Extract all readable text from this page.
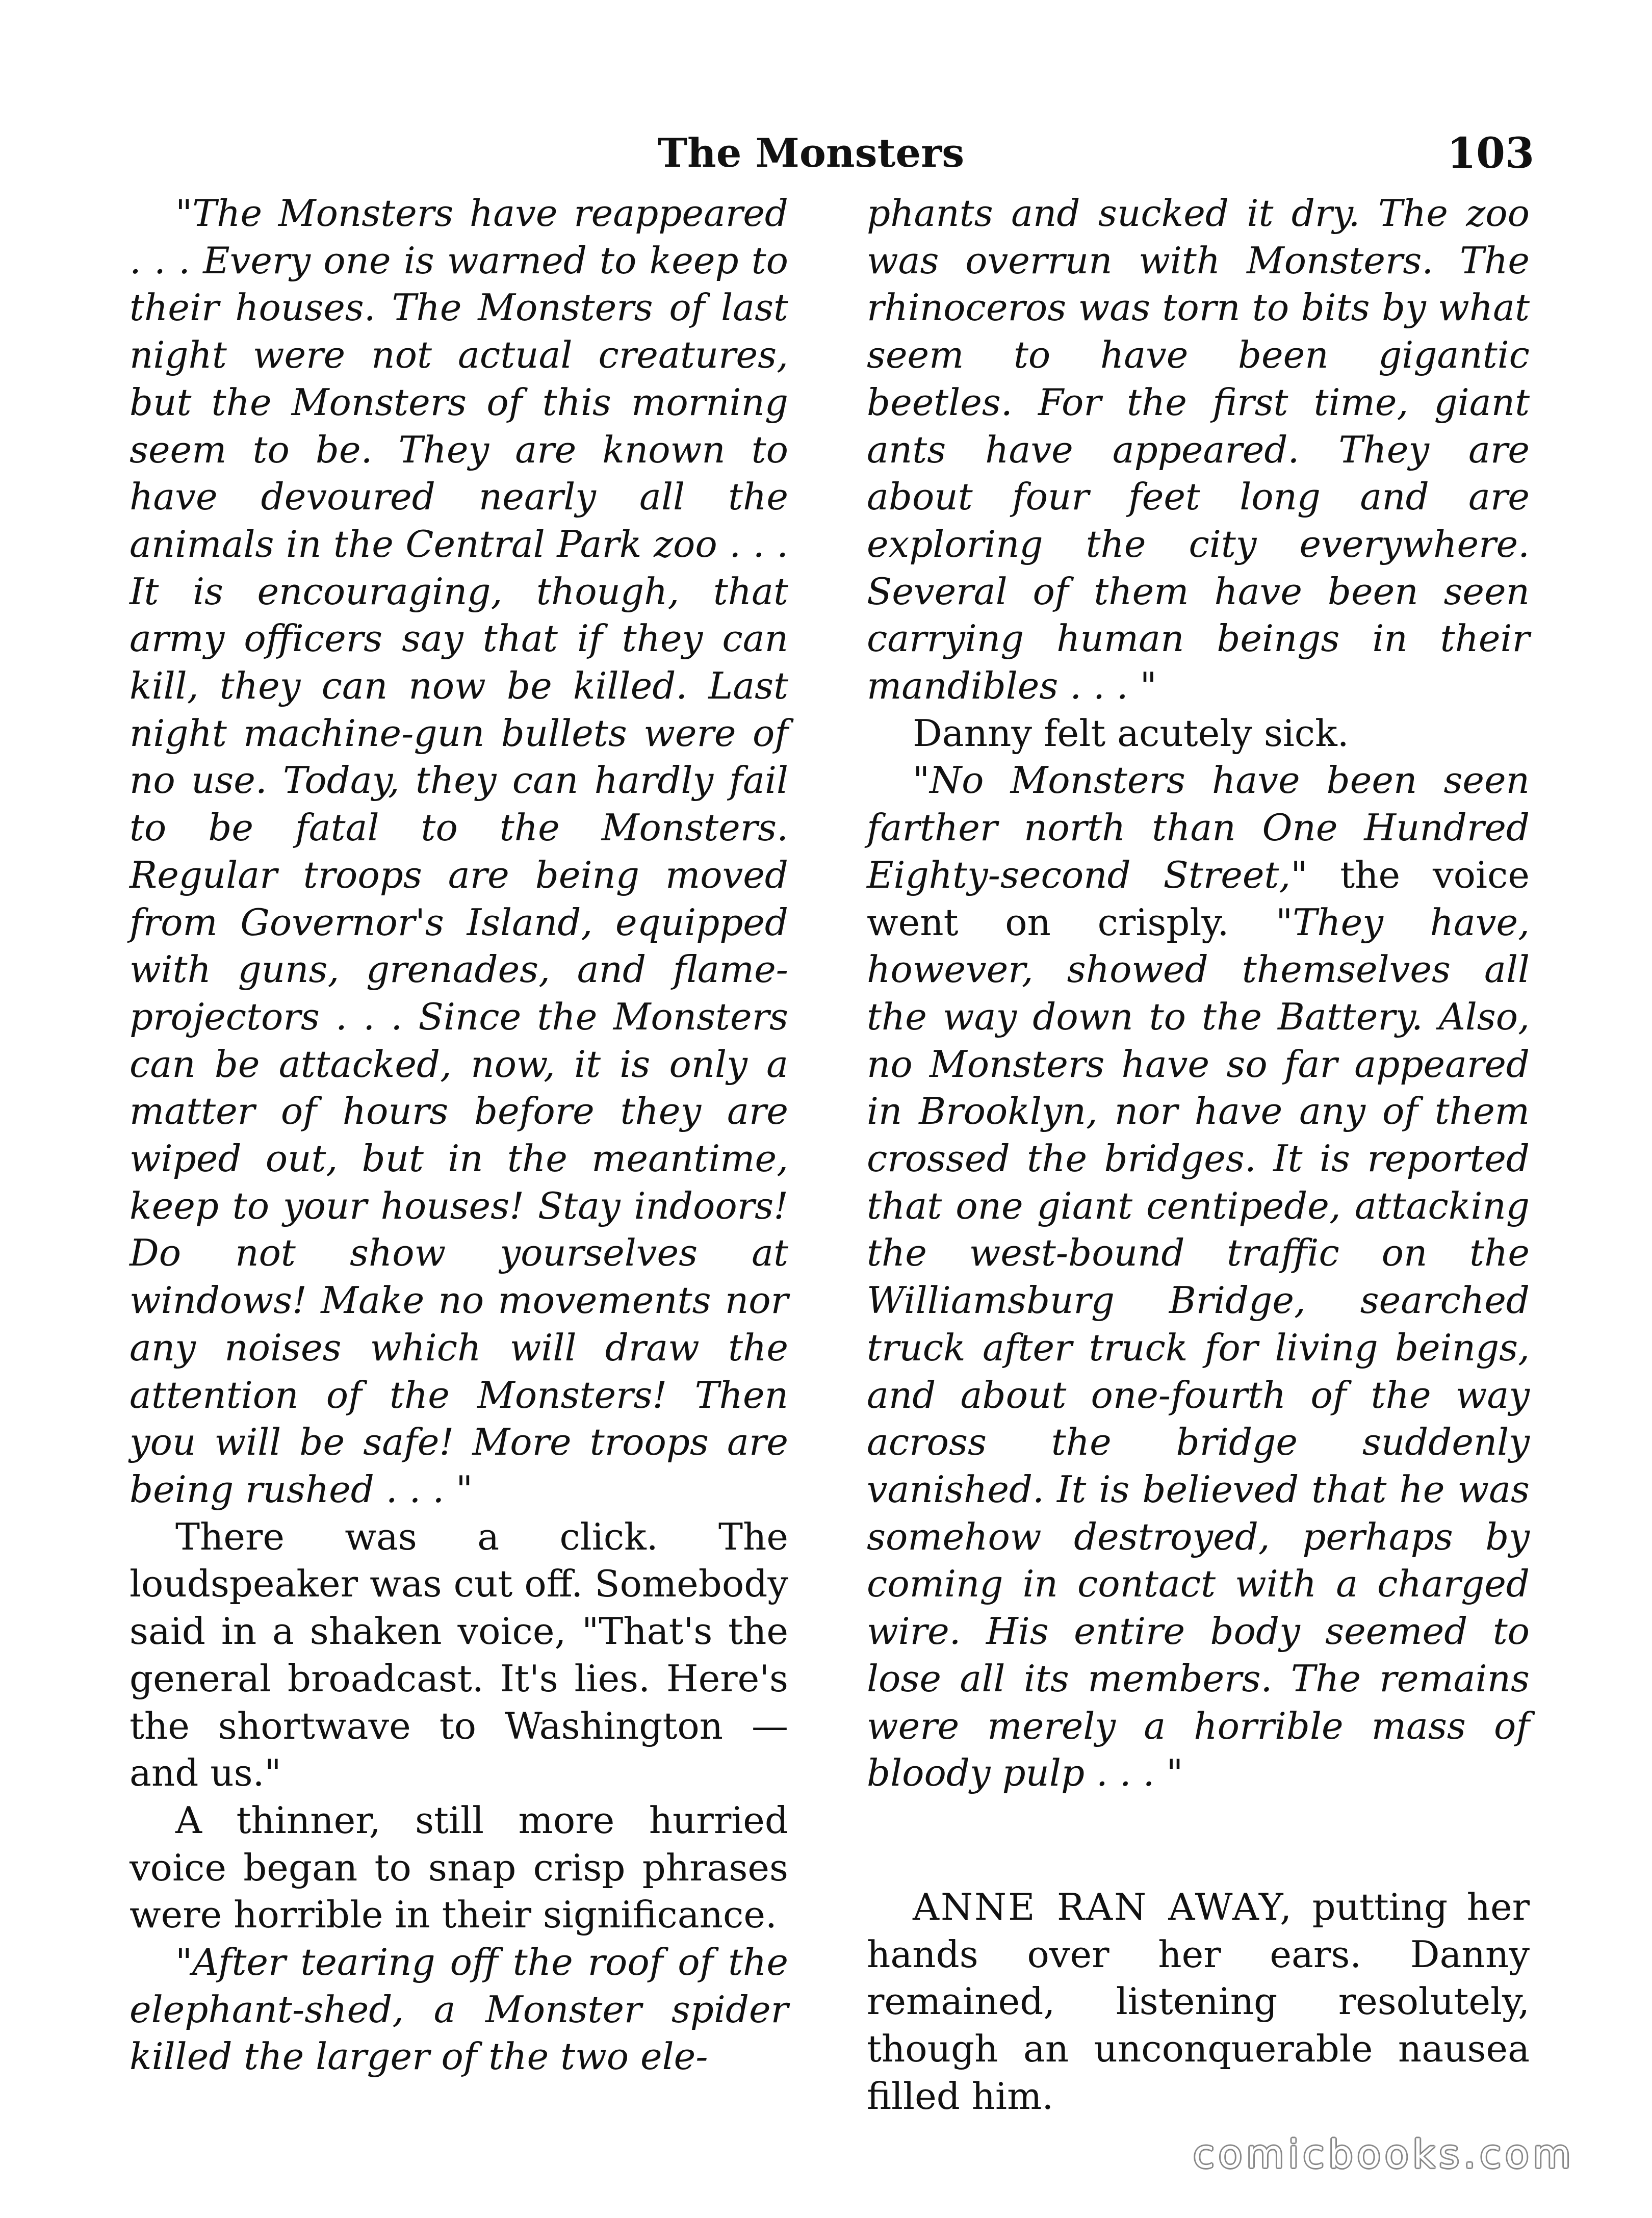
The Monsters	103

"The Monsters have reappeared . . . Every one is warned to keep to their houses. The Monsters of last night were not actual creatures, but the Monsters of this morning seem to be. They are known to have devoured nearly all the animals in the Central Park zoo . . . It is encouraging, though, that army officers say that if they can kill, they can now be killed. Last night machine-gun bullets were of no use. Today, they can hardly fail to be fatal to the Monsters. Regular troops are being moved from Governor's Island, equipped with guns, grenades, and flame-projectors . . . Since the Monsters can be attacked, now, it is only a matter of hours before they are wiped out, but in the meantime, keep to your houses! Stay indoors! Do not show yourselves at windows! Make no movements nor any noises which will draw the attention of the Monsters! Then you will be safe! More troops are being rushed . . . "

There was a click. The loudspeaker was cut off. Somebody said in a shaken voice, "That's the general broadcast. It's lies. Here's the shortwave to Washington — and us."

A thinner, still more hurried voice began to snap crisp phrases were horrible in their significance.

"After tearing off the roof of the elephant-shed, a Monster spider killed the larger of the two ele-

phants and sucked it dry. The zoo was overrun with Monsters. The rhinoceros was torn to bits by what seem to have been gigantic beetles. For the first time, giant ants have appeared. They are about four feet long and are exploring the city everywhere. Several of them have been seen carrying human beings in their mandibles . . . "

Danny felt acutely sick.

"No Monsters have been seen farther north than One Hundred Eighty-second Street," the voice went on crisply. "They have, however, showed themselves all the way down to the Battery. Also, no Monsters have so far appeared in Brooklyn, nor have any of them crossed the bridges. It is reported that one giant centipede, attacking the west-bound traffic on the Williamsburg Bridge, searched truck after truck for living beings, and about one-fourth of the way across the bridge suddenly vanished. It is believed that he was somehow destroyed, perhaps by coming in contact with a charged wire. His entire body seemed to lose all its members. The remains were merely a horrible mass of bloody pulp . . . "

ANNE RAN AWAY, putting her hands over her ears. Danny remained, listening resolutely, though an unconquerable nausea filled him.

comicbooks.com
